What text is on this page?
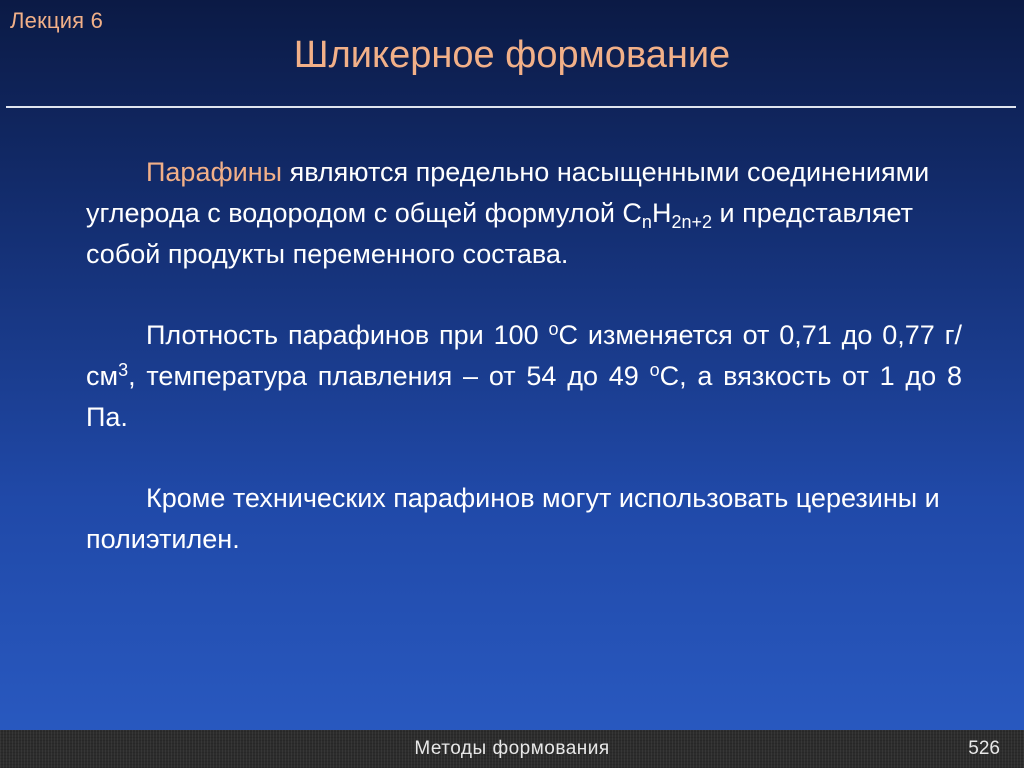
Лекция 6
Шликерное формование

Парафины являются предельно насыщенными соединениями углерода с водородом с общей формулой $C_nH_{2n+2}$ и представляет собой продукты переменного состава.

Плотность парафинов при 100 $^o$С изменяется от 0,71 до 0,77 $г/см^3$, температура плавления – от 54 до 49 $^o$С, а вязкость от 1 до 8 Па.

Кроме технических парафинов могут использовать церезины и полиэтилен.

Методы формования	526
